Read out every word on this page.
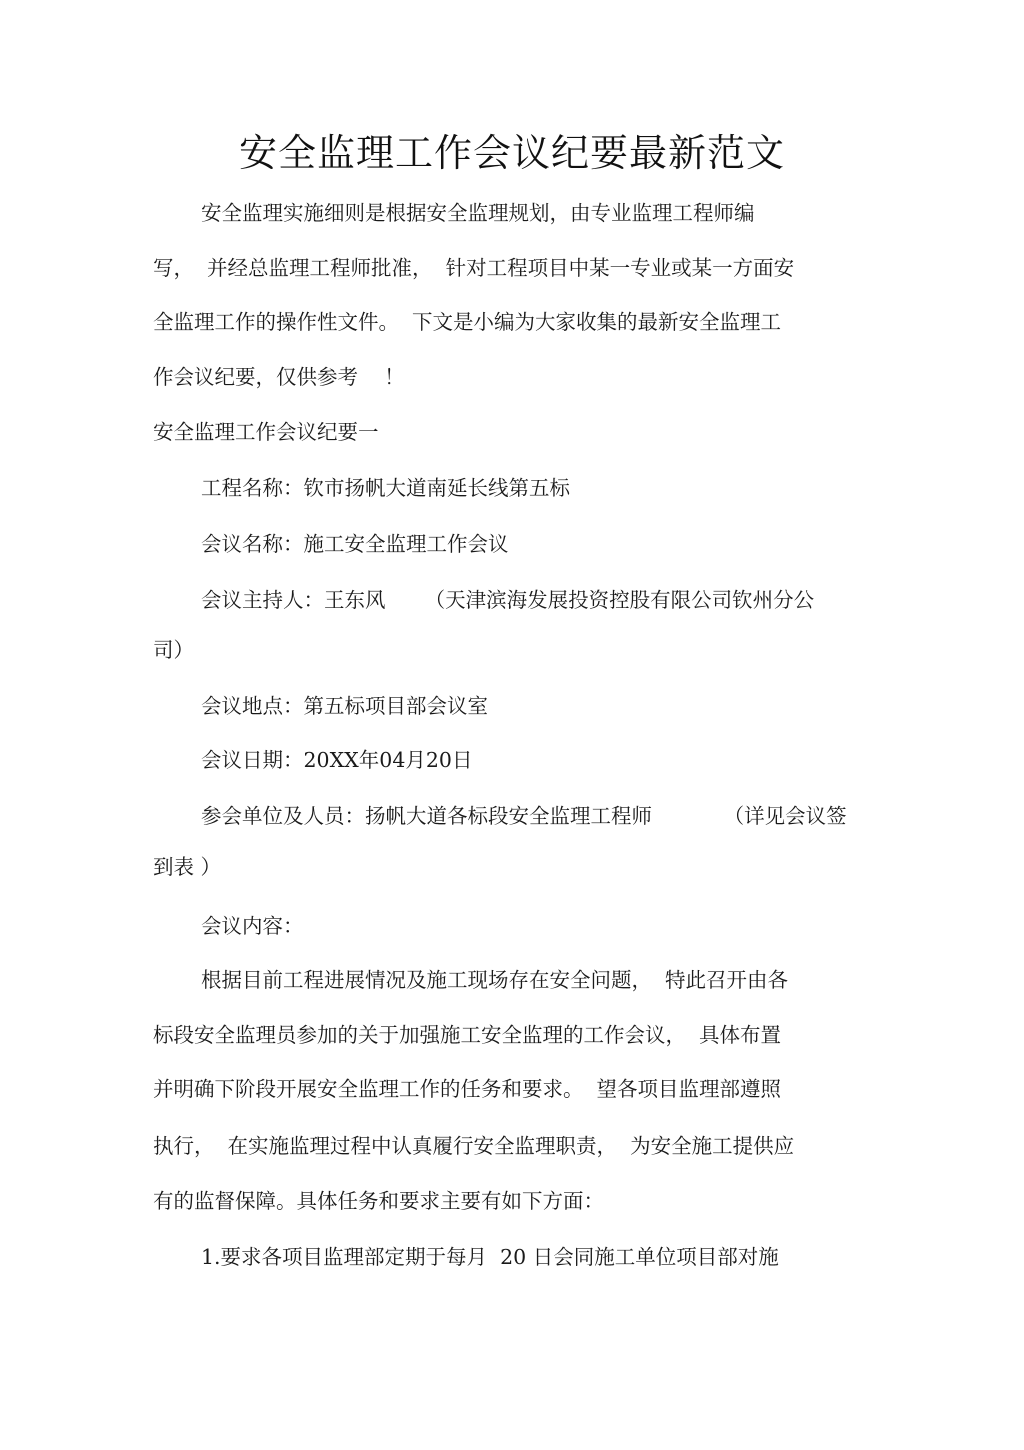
安全监理工作会议纪要最新范文
安全监理实施细则是根据安全监理规划，由专业监理工程师编
写，  并经总监理工程师批准，  针对工程项目中某一专业或某一方面安
全监理工作的操作性文件。  下文是小编为大家收集的最新安全监理工
作会议纪要，仅供参考    ！
安全监理工作会议纪要一
工程名称：钦市扬帆大道南延长线第五标
会议名称：施工安全监理工作会议
会议主持人：王东风      （天津滨海发展投资控股有限公司钦州分公
司）
会议地点：第五标项目部会议室
会议日期：20XX年04月20日
参会单位及人员：扬帆大道各标段安全监理工程师           （详见会议签
到表 ）
会议内容：
根据目前工程进展情况及施工现场存在安全问题，  特此召开由各
标段安全监理员参加的关于加强施工安全监理的工作会议，  具体布置
并明确下阶段开展安全监理工作的任务和要求。  望各项目监理部遵照
执行，  在实施监理过程中认真履行安全监理职责，  为安全施工提供应
有的监督保障。具体任务和要求主要有如下方面：
1.要求各项目监理部定期于每月  20 日会同施工单位项目部对施
